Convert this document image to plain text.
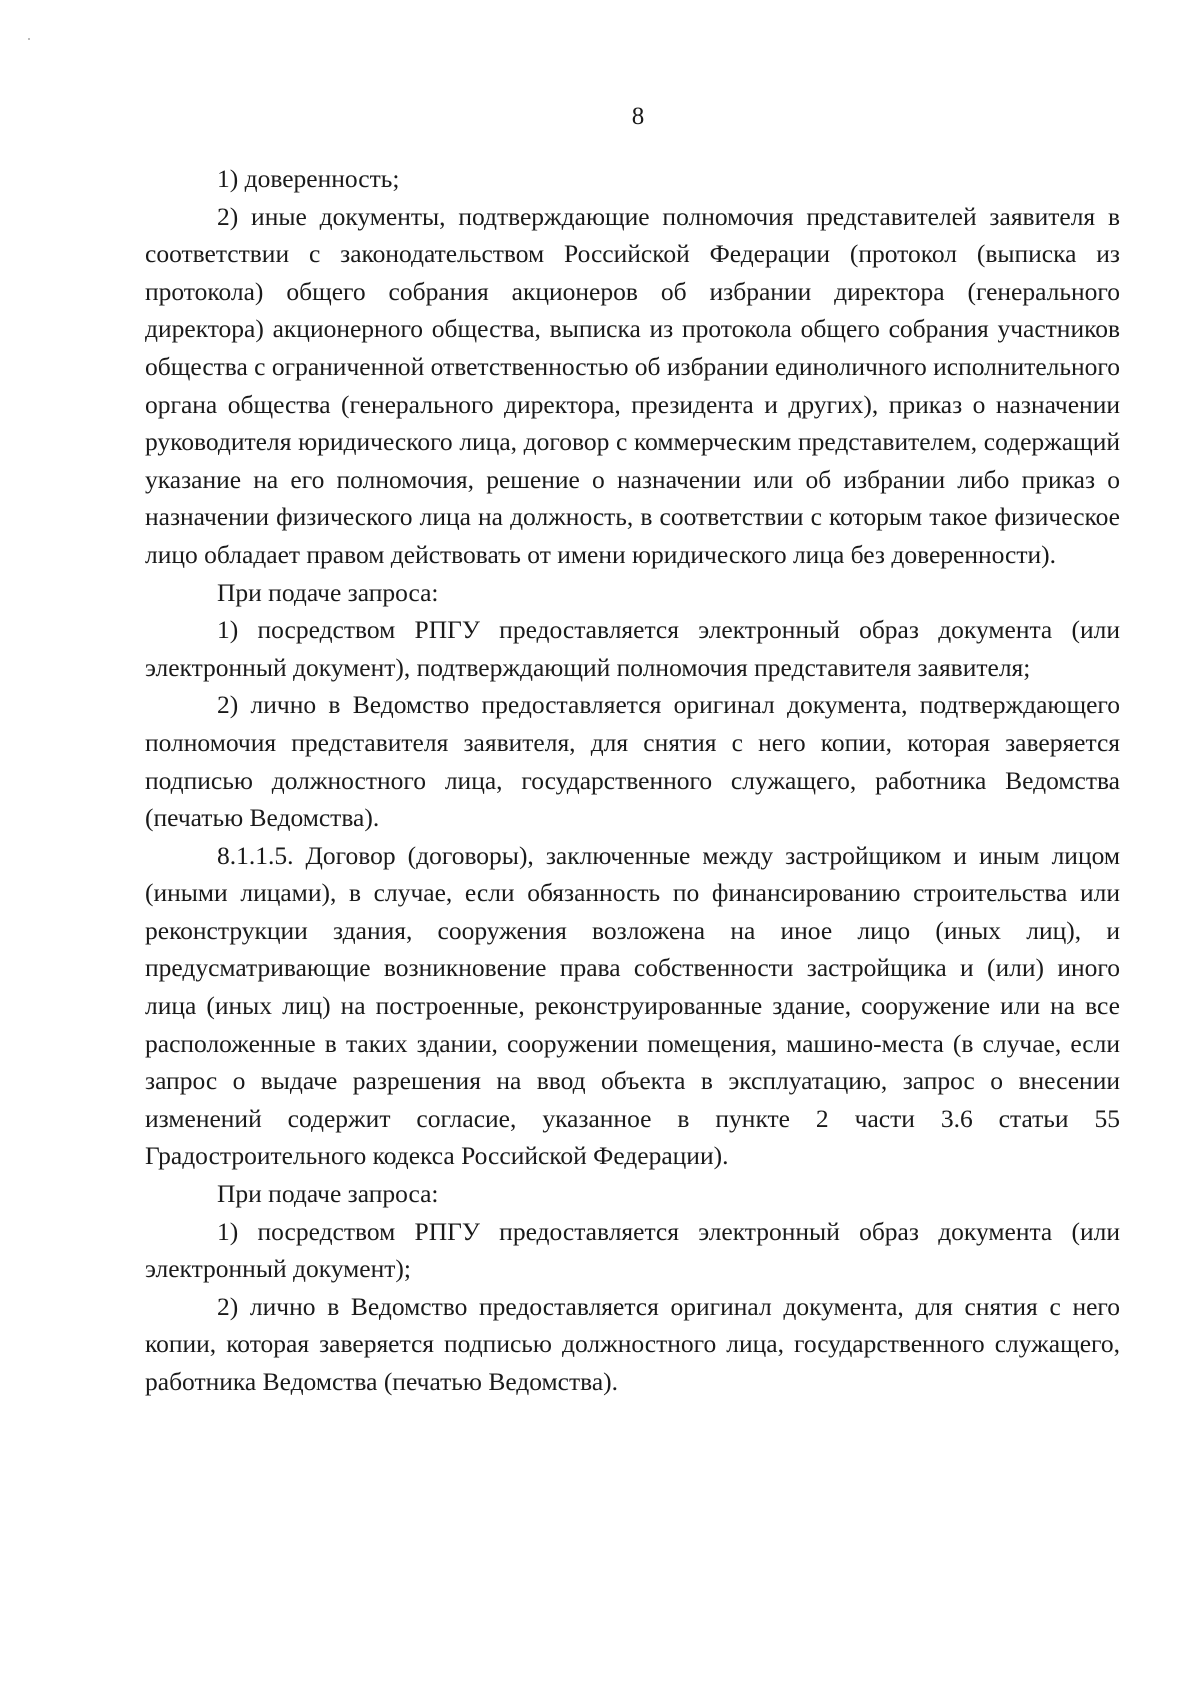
8

1) доверенность;

2) иные документы, подтверждающие полномочия представителей заявителя в соответствии с законодательством Российской Федерации (протокол (выписка из протокола) общего собрания акционеров об избрании директора (генерального директора) акционерного общества, выписка из протокола общего собрания участников общества с ограниченной ответственностью об избрании единоличного исполнительного органа общества (генерального директора, президента и других), приказ о назначении руководителя юридического лица, договор с коммерческим представителем, содержащий указание на его полномочия, решение о назначении или об избрании либо приказ о назначении физического лица на должность, в соответствии с которым такое физическое лицо обладает правом действовать от имени юридического лица без доверенности).

При подаче запроса:

1) посредством РПГУ предоставляется электронный образ документа (или электронный документ), подтверждающий полномочия представителя заявителя;

2) лично в Ведомство предоставляется оригинал документа, подтверждающего полномочия представителя заявителя, для снятия с него копии, которая заверяется подписью должностного лица, государственного служащего, работника Ведомства (печатью Ведомства).

8.1.1.5. Договор (договоры), заключенные между застройщиком и иным лицом (иными лицами), в случае, если обязанность по финансированию строительства или реконструкции здания, сооружения возложена на иное лицо (иных лиц), и предусматривающие возникновение права собственности застройщика и (или) иного лица (иных лиц) на построенные, реконструированные здание, сооружение или на все расположенные в таких здании, сооружении помещения, машино-места (в случае, если запрос о выдаче разрешения на ввод объекта в эксплуатацию, запрос о внесении изменений содержит согласие, указанное в пункте 2 части 3.6 статьи 55 Градостроительного кодекса Российской Федерации).

При подаче запроса:

1) посредством РПГУ предоставляется электронный образ документа (или электронный документ);

2) лично в Ведомство предоставляется оригинал документа, для снятия с него копии, которая заверяется подписью должностного лица, государственного служащего, работника Ведомства (печатью Ведомства).
